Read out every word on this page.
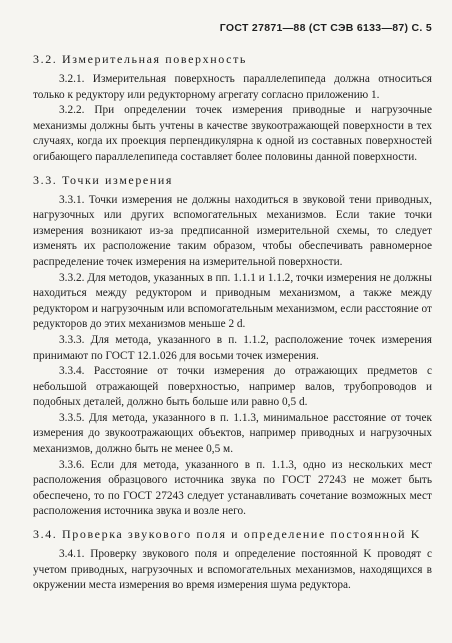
ГОСТ 27871—88 (СТ СЭВ 6133—87) С. 5

3.2. Измерительная поверхность

3.2.1. Измерительная поверхность параллелепипеда должна относиться только к редуктору или редукторному агрегату согласно приложению 1.

3.2.2. При определении точек измерения приводные и нагрузочные механизмы должны быть учтены в качестве звукоотражающей поверхности в тех случаях, когда их проекция перпендикулярна к одной из составных поверхностей огибающего параллелепипеда составляет более половины данной поверхности.

3.3. Точки измерения

3.3.1. Точки измерения не должны находиться в звуковой тени приводных, нагрузочных или других вспомогательных механизмов. Если такие точки измерения возникают из-за предписанной измерительной схемы, то следует изменять их расположение таким образом, чтобы обеспечивать равномерное распределение точек измерения на измерительной поверхности.

3.3.2. Для методов, указанных в пп. 1.1.1 и 1.1.2, точки измерения не должны находиться между редуктором и приводным механизмом, а также между редуктором и нагрузочным или вспомогательным механизмом, если расстояние от редукторов до этих механизмов меньше 2 d.

3.3.3. Для метода, указанного в п. 1.1.2, расположение точек измерения принимают по ГОСТ 12.1.026 для восьми точек измерения.

3.3.4. Расстояние от точки измерения до отражающих предметов с небольшой отражающей поверхностью, например валов, трубопроводов и подобных деталей, должно быть больше или равно 0,5 d.

3.3.5. Для метода, указанного в п. 1.1.3, минимальное расстояние от точек измерения до звукоотражающих объектов, например приводных и нагрузочных механизмов, должно быть не менее 0,5 м.

3.3.6. Если для метода, указанного в п. 1.1.3, одно из нескольких мест расположения образцового источника звука по ГОСТ 27243 не может быть обеспечено, то по ГОСТ 27243 следует устанавливать сочетание возможных мест расположения источника звука и возле него.

3.4. Проверка звукового поля и определение постоянной K

3.4.1. Проверку звукового поля и определение постоянной K проводят с учетом приводных, нагрузочных и вспомогательных механизмов, находящихся в окружении места измерения во время измерения шума редуктора.
